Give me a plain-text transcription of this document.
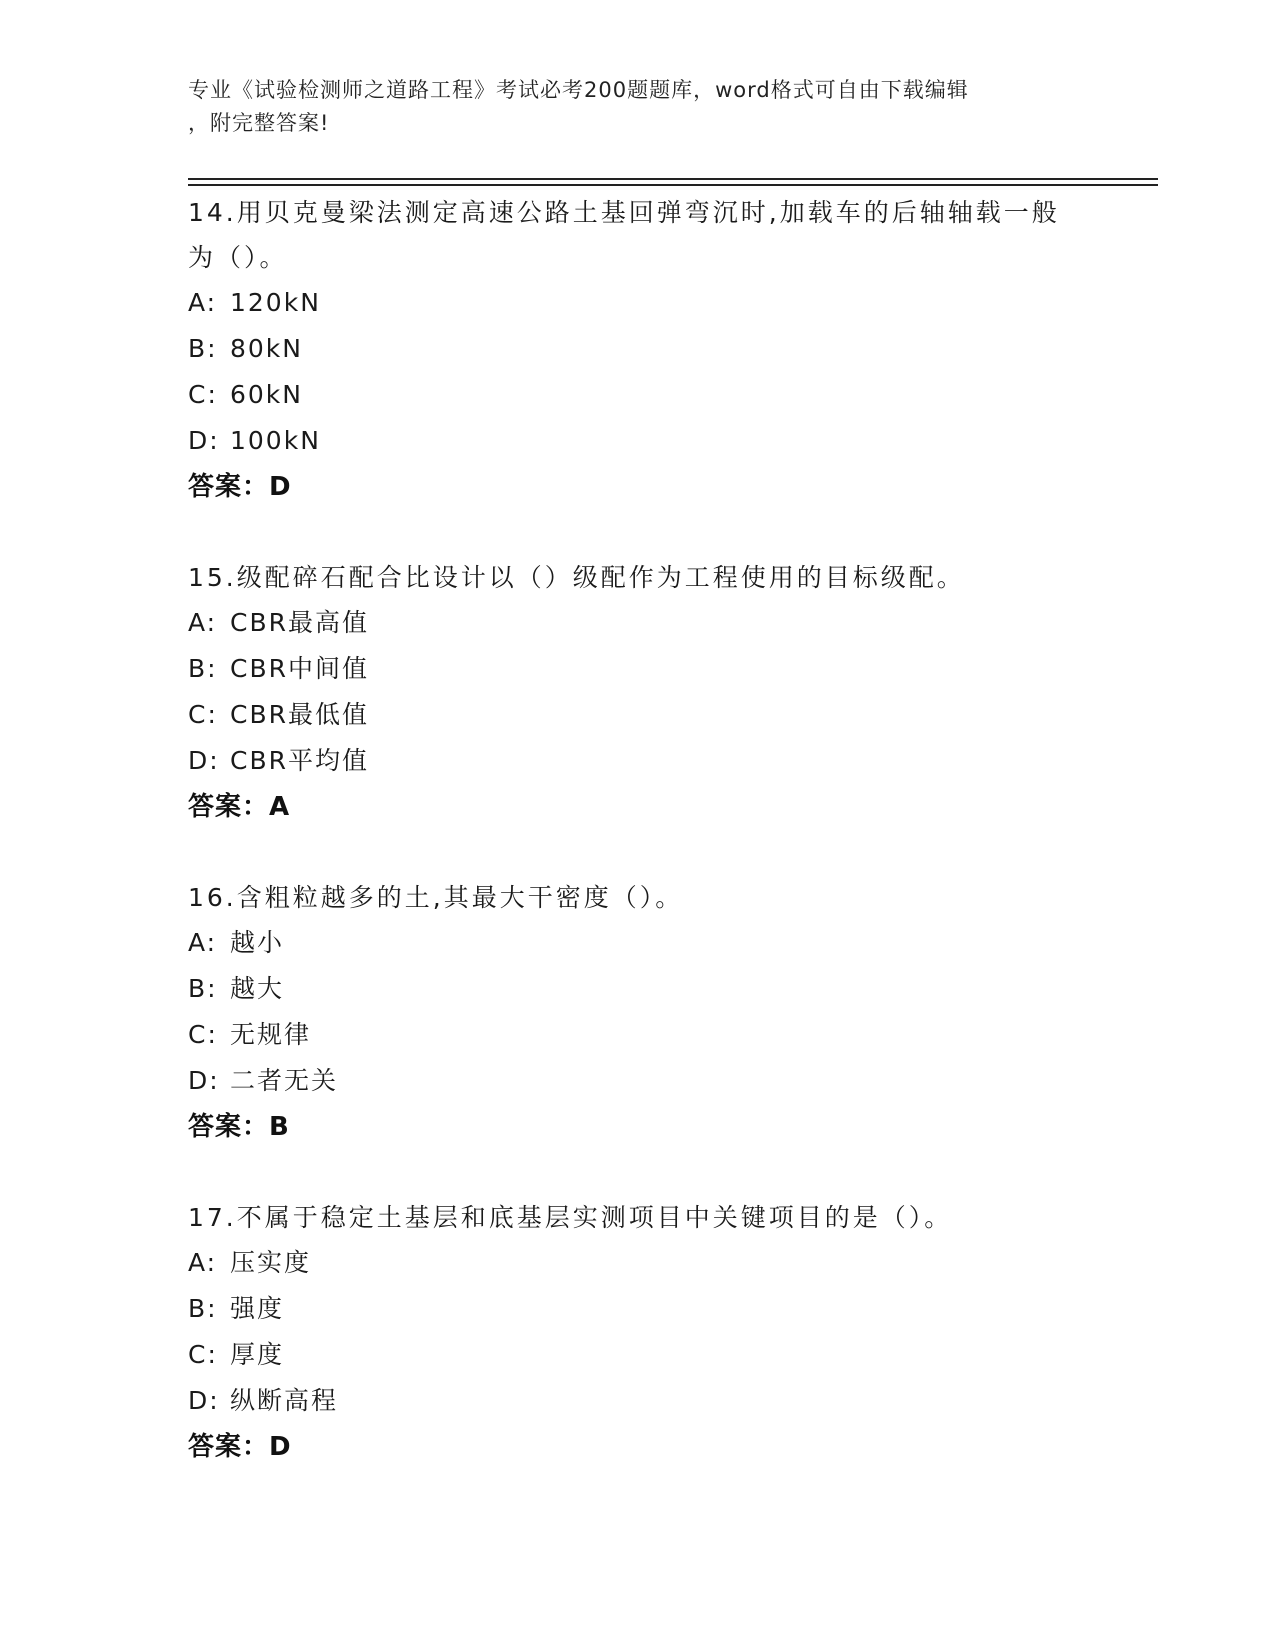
专业《试验检测师之道路工程》考试必考200题题库，word格式可自由下载编辑
，附完整答案!
14.用贝克曼梁法测定高速公路土基回弹弯沉时,加载车的后轴轴载一般为（）。
A: 120kN
B: 80kN
C: 60kN
D: 100kN
答案：D
15.级配碎石配合比设计以（）级配作为工程使用的目标级配。
A: CBR最高值
B: CBR中间值
C: CBR最低值
D: CBR平均值
答案：A
16.含粗粒越多的土,其最大干密度（）。
A: 越小
B: 越大
C: 无规律
D: 二者无关
答案：B
17.不属于稳定土基层和底基层实测项目中关键项目的是（）。
A: 压实度
B: 强度
C: 厚度
D: 纵断高程
答案：D
